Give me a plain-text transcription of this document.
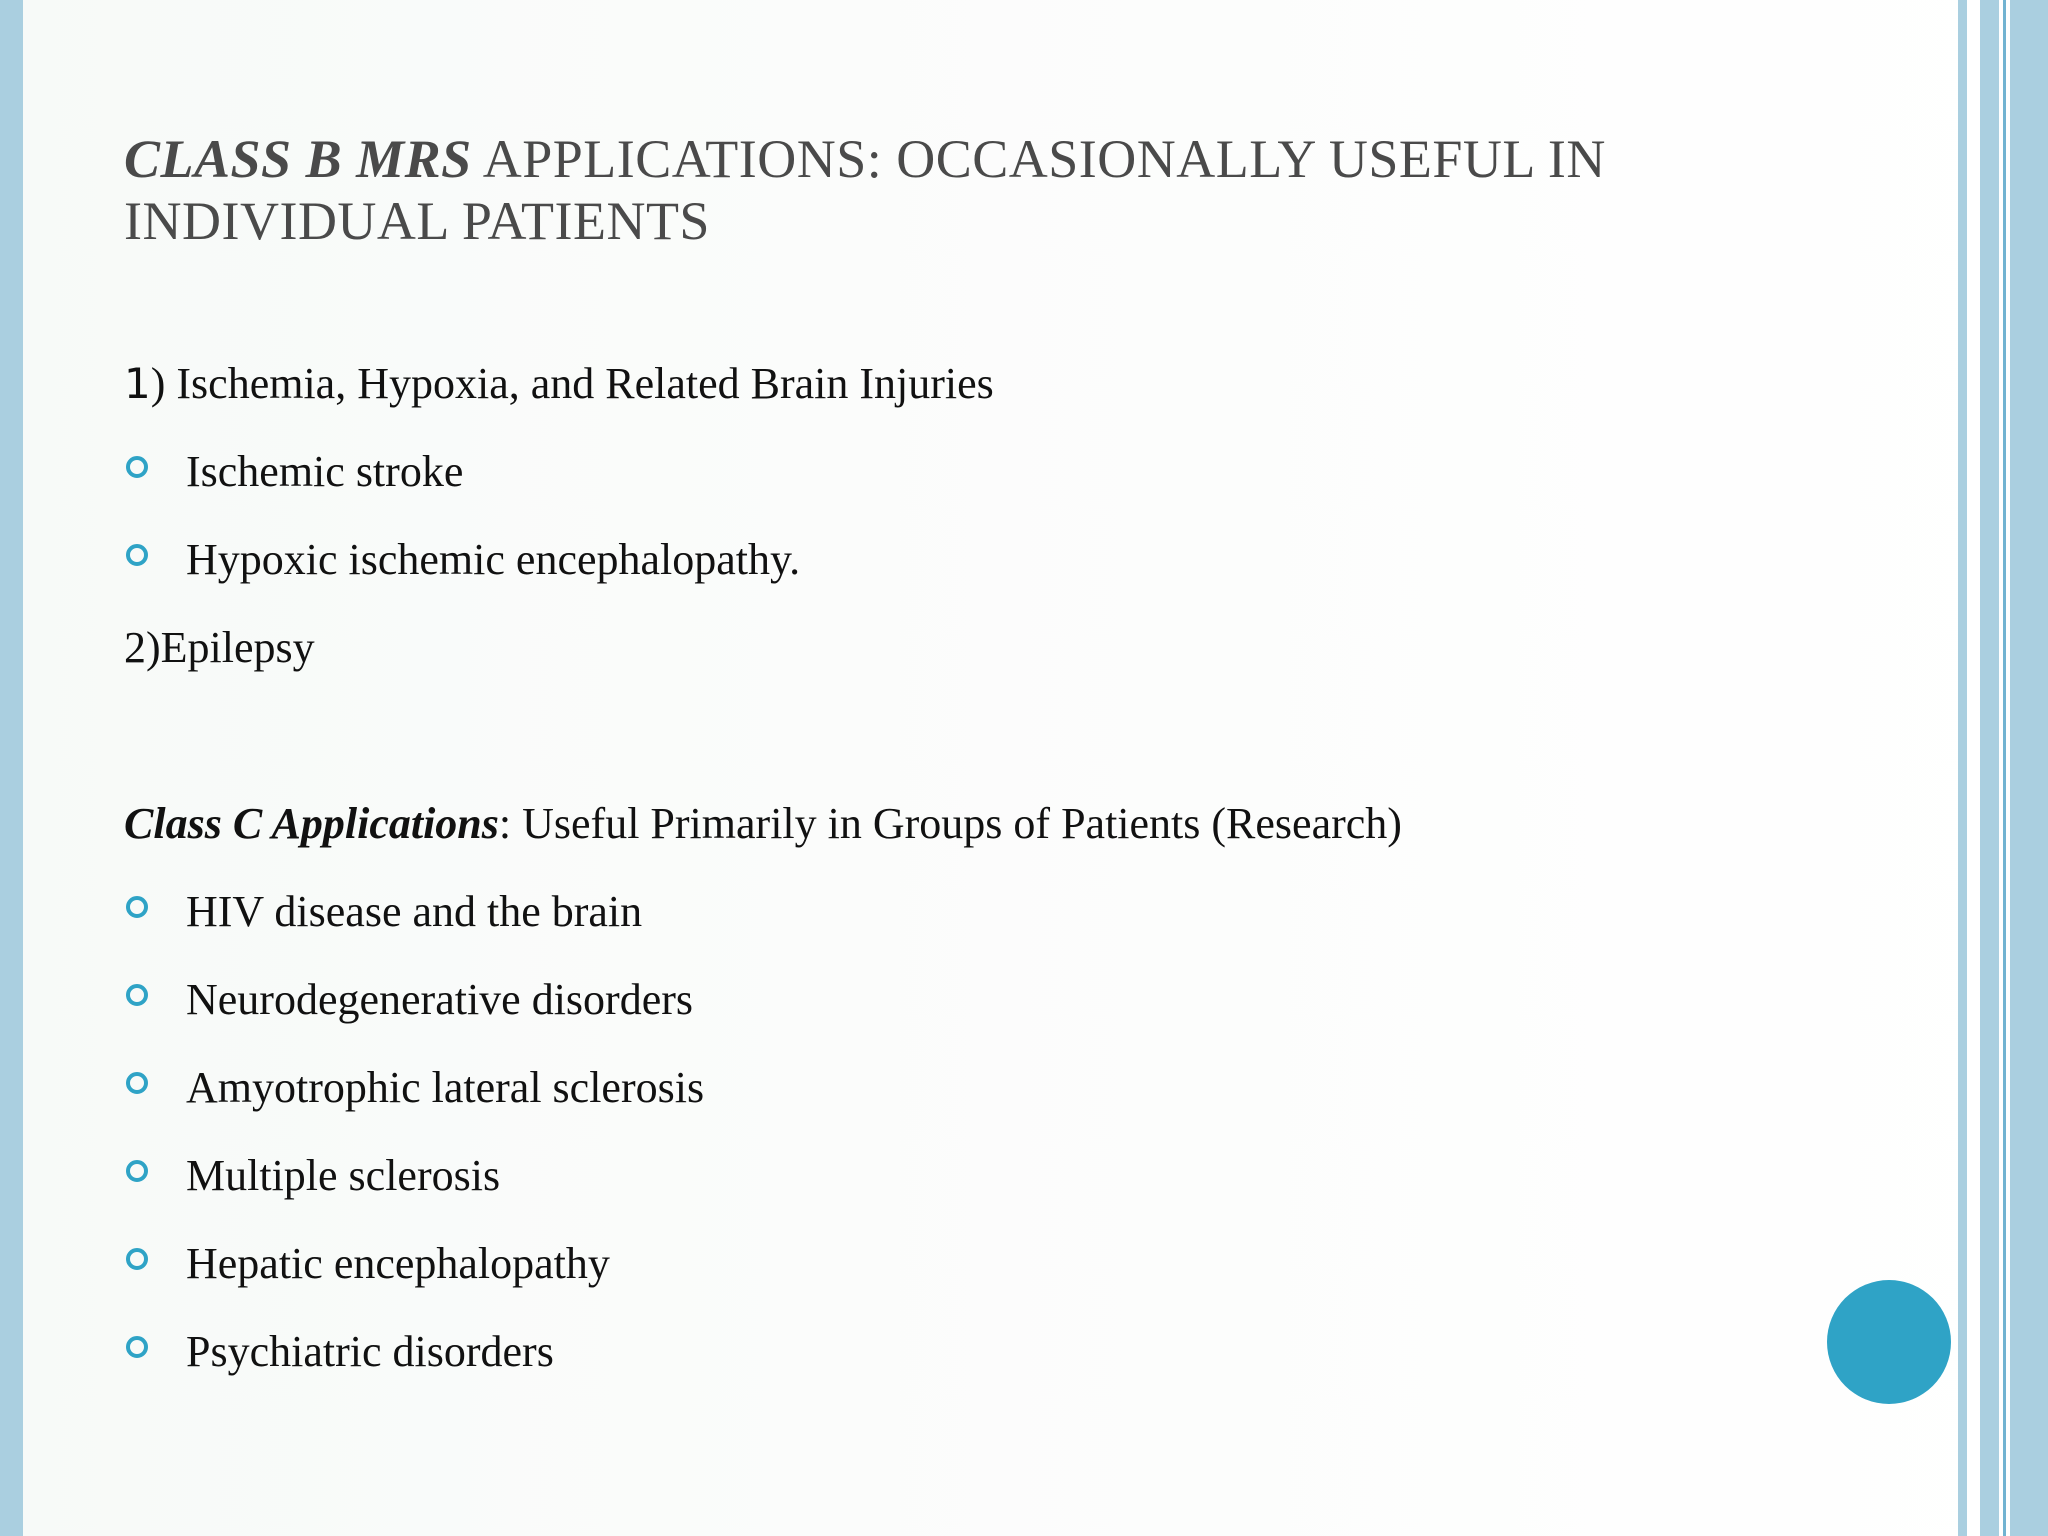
CLASS B MRS APPLICATIONS: OCCASIONALLY USEFUL IN INDIVIDUAL PATIENTS
1) Ischemia, Hypoxia, and Related Brain Injuries
Ischemic stroke
Hypoxic ischemic encephalopathy.
2)Epilepsy
Class C Applications: Useful Primarily in Groups of Patients (Research)
HIV disease and the brain
Neurodegenerative disorders
Amyotrophic lateral sclerosis
Multiple sclerosis
Hepatic encephalopathy
Psychiatric disorders
